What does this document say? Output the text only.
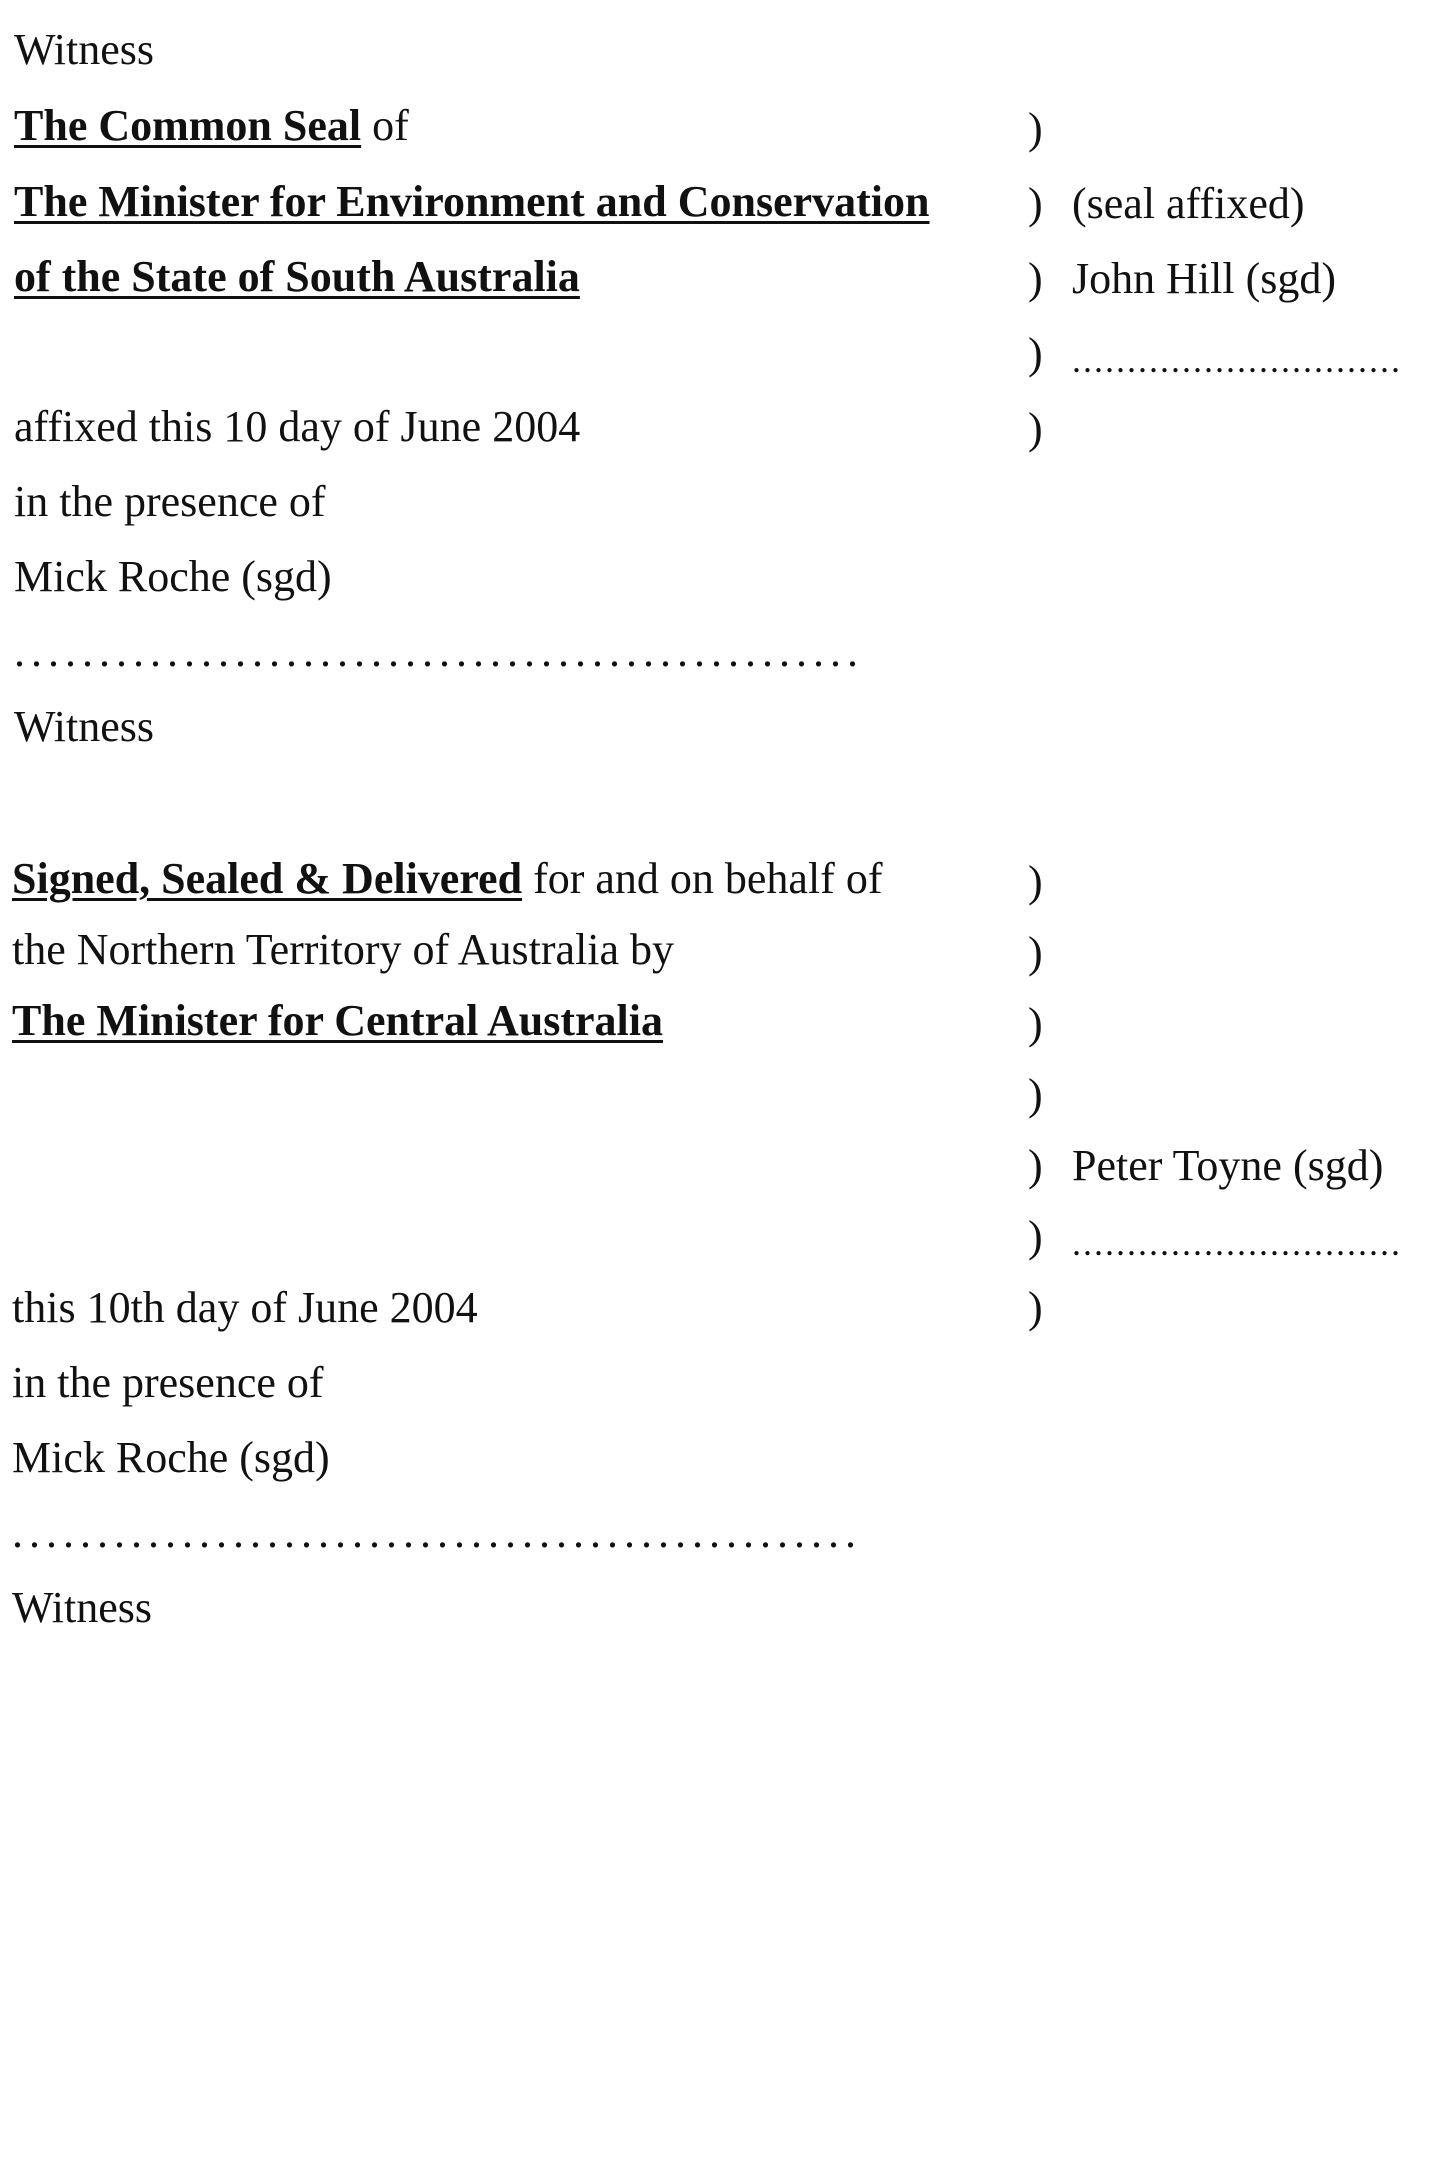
Witness
The Common Seal of
The Minister for Environment and Conservation
of the State of South Australia
)
)
)
)
)
(seal affixed)
John Hill (sgd)
..............................
affixed this 10 day of June 2004
in the presence of
Mick Roche (sgd)
..................................................
Witness
Signed, Sealed & Delivered for and on behalf of
the Northern Territory of Australia by
The Minister for Central Australia
)
)
)
)
)
)
)
Peter Toyne (sgd)
..............................
this 10th day of June 2004
in the presence of
Mick Roche (sgd)
..................................................
Witness
